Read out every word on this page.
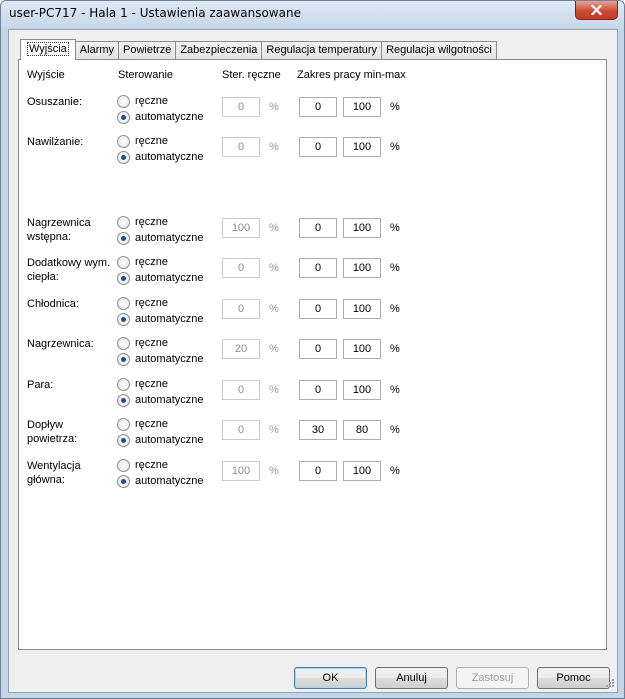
user-PC717 - Hala 1 - Ustawienia zaawansowane
Wyjścia	Alarmy Powietrze Zabezpieczenia Regulacja temperatury Regulacja wilgotności
Wyjście	Sterowanie	Ster. ręczne Zakres pracy min-max
Osuszanie:	ręczne
automatyczne
0	%	0	100	%
Nawilżanie:	ręczne
automatyczne
0	%	0	100	%
Nagrzewnica wstępna:
ręczne
automatyczne
100	%	0	100	%
Dodatkowy wym. ciepła:
ręczne
automatyczne
0	%	0	100	%
Chłodnica:	ręczne
automatyczne
0	%	0	100	%
Nagrzewnica:	ręczne
automatyczne
20	%	0	100	%
Para:	ręczne
automatyczne
0	%	0	100	%
Dopływ powietrza:
ręczne
automatyczne
0	%	30	80	%
Wentylacja główna:
ręczne
automatyczne
100	%	0	100	%
OK	Anuluj	Zastosuj	Pomoc
